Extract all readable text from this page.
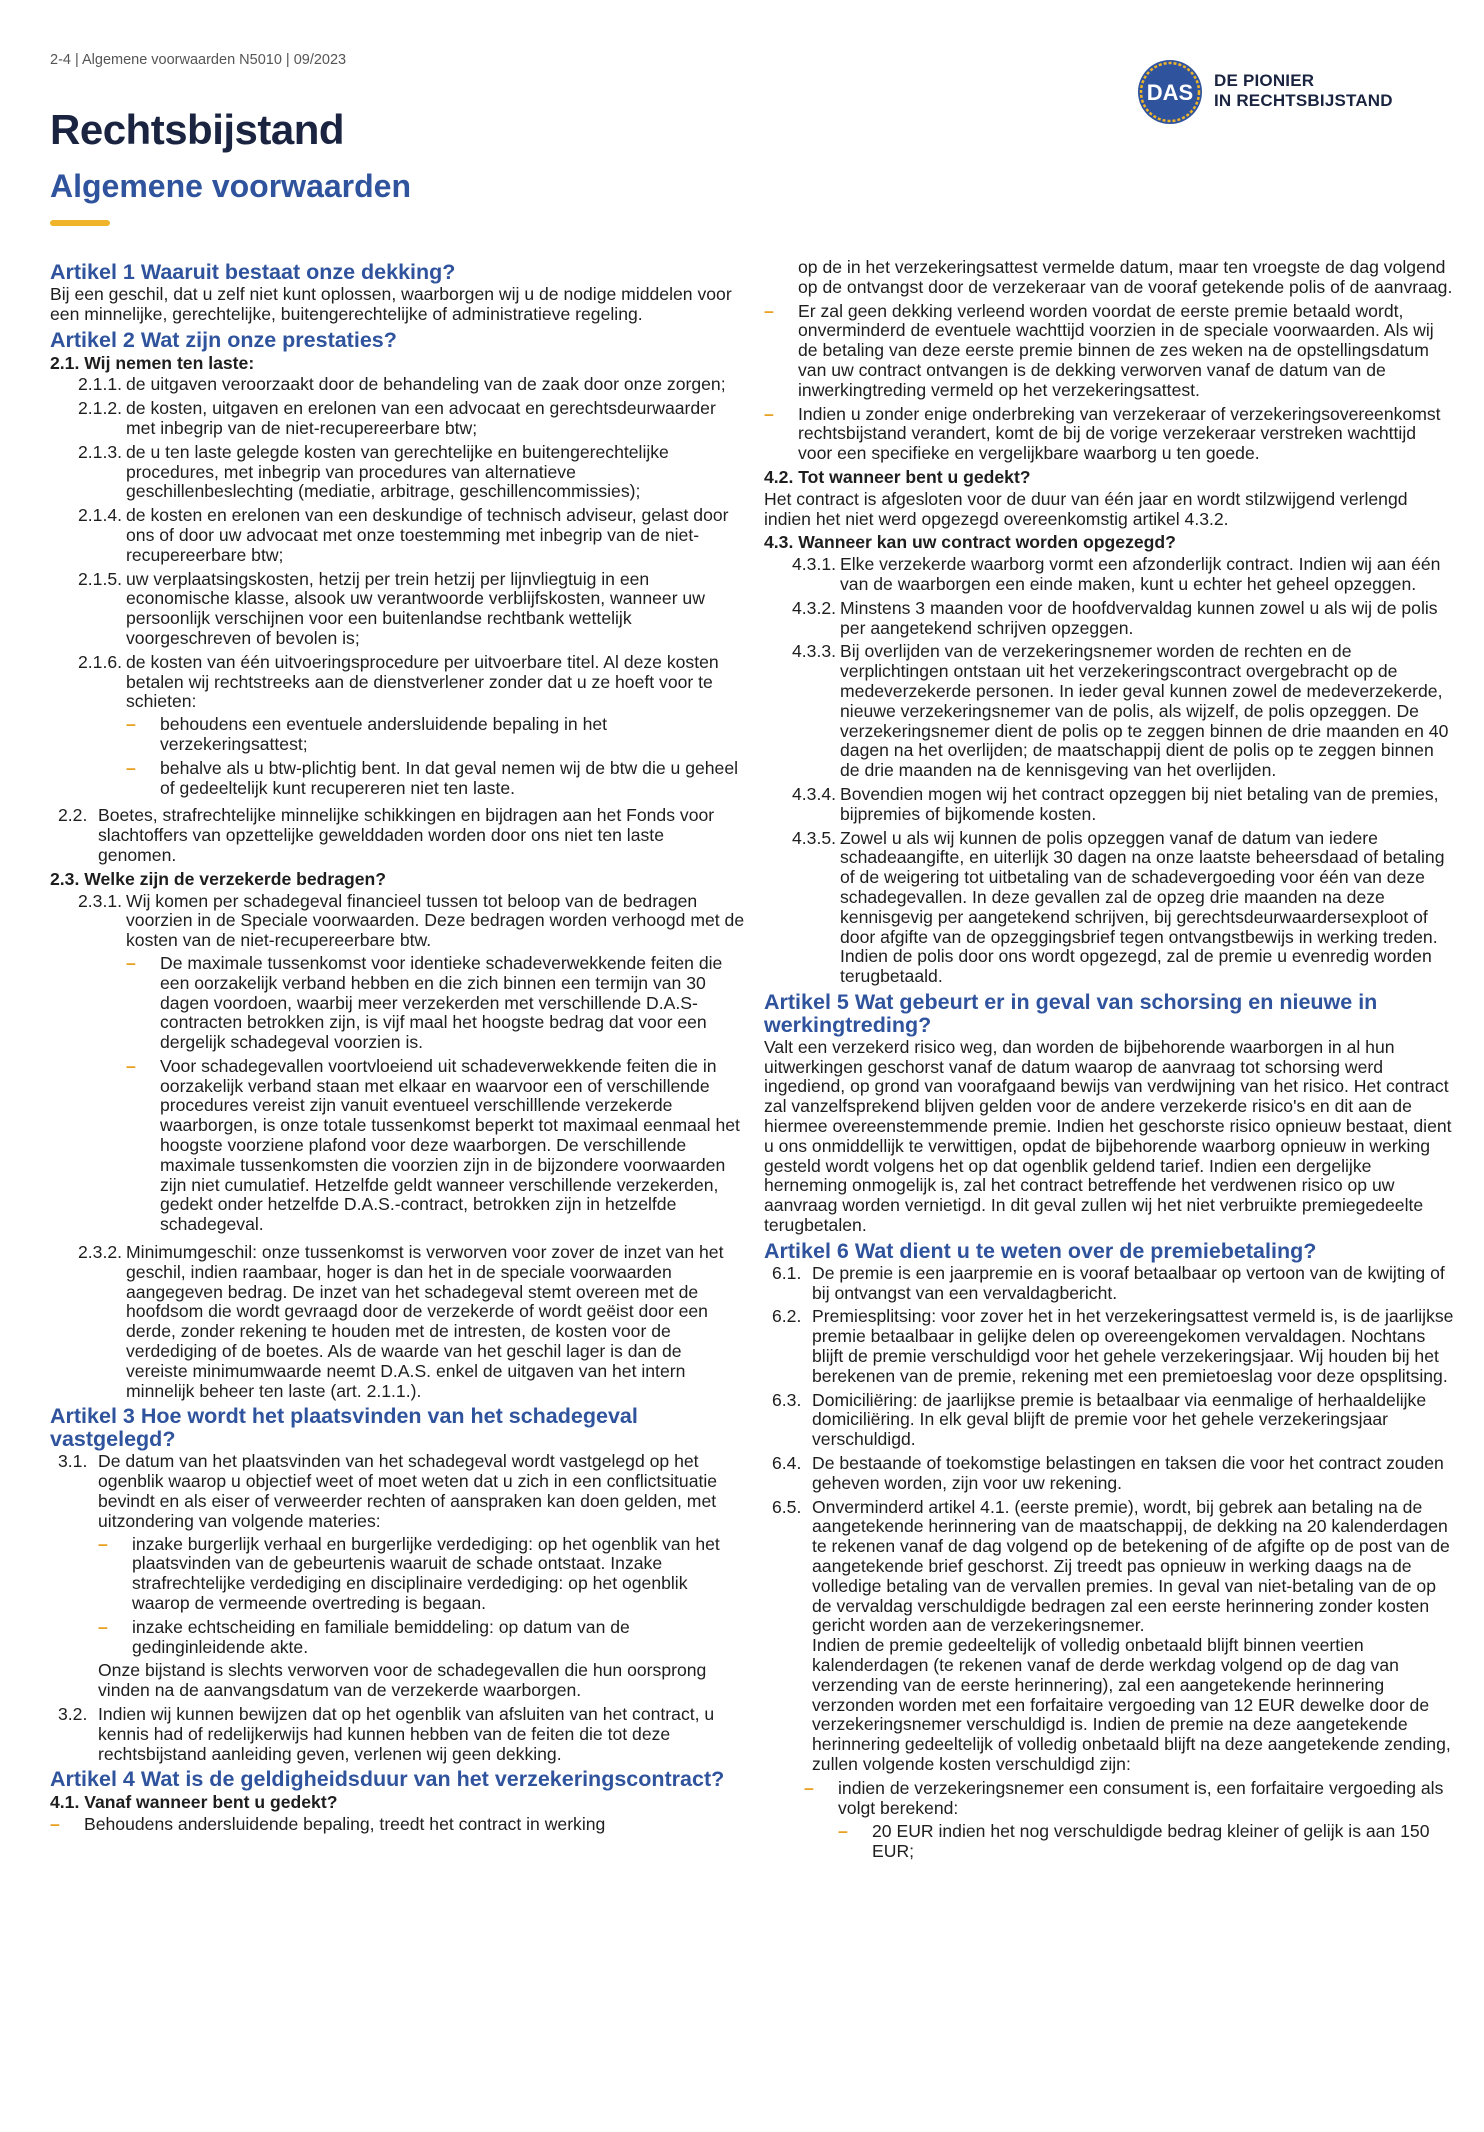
2-4 | Algemene voorwaarden N5010 | 09/2023
DAS DE PIONIER
IN RECHTSBIJSTAND
Rechtsbijstand
Algemene voorwaarden
Artikel 1 Waaruit bestaat onze dekking?
Bij een geschil, dat u zelf niet kunt oplossen, waarborgen wij u de nodige middelen voor een minnelijke, gerechtelijke, buitengerechtelijke of administratieve regeling.
Artikel 2 Wat zijn onze prestaties?
2.1. Wij nemen ten laste:
2.1.1. de uitgaven veroorzaakt door de behandeling van de zaak door onze zorgen;
2.1.2. de kosten, uitgaven en erelonen van een advocaat en gerechtsdeurwaarder met inbegrip van de niet-recupereerbare btw;
2.1.3. de u ten laste gelegde kosten van gerechtelijke en buitengerechtelijke procedures, met inbegrip van procedures van alternatieve geschillenbeslechting (mediatie, arbitrage, geschillencommissies);
2.1.4. de kosten en erelonen van een deskundige of technisch adviseur, gelast door ons of door uw advocaat met onze toestemming met inbegrip van de niet-recupereerbare btw;
2.1.5. uw verplaatsingskosten, hetzij per trein hetzij per lijnvliegtuig in een economische klasse, alsook uw verantwoorde verblijfskosten, wanneer uw persoonlijk verschijnen voor een buitenlandse rechtbank wettelijk voorgeschreven of bevolen is;
2.1.6. de kosten van één uitvoeringsprocedure per uitvoerbare titel. Al deze kosten betalen wij rechtstreeks aan de dienstverlener zonder dat u ze hoeft voor te schieten:
–	behoudens een eventuele andersluidende bepaling in het verzekeringsattest;
–	behalve als u btw-plichtig bent. In dat geval nemen wij de btw die u geheel of gedeeltelijk kunt recupereren niet ten laste.
2.2. Boetes, strafrechtelijke minnelijke schikkingen en bijdragen aan het Fonds voor slachtoffers van opzettelijke gewelddaden worden door ons niet ten laste genomen.
2.3. Welke zijn de verzekerde bedragen?
2.3.1. Wij komen per schadegeval financieel tussen tot beloop van de bedragen voorzien in de Speciale voorwaarden. Deze bedragen worden verhoogd met de kosten van de niet-recupereerbare btw.
–	De maximale tussenkomst voor identieke schadeverwekkende feiten die een oorzakelijk verband hebben en die zich binnen een termijn van 30 dagen voordoen, waarbij meer verzekerden met verschillende D.A.S-contracten betrokken zijn, is vijf maal het hoogste bedrag dat voor een dergelijk schadegeval voorzien is.
–	Voor schadegevallen voortvloeiend uit schadeverwekkende feiten die in oorzakelijk verband staan met elkaar en waarvoor een of verschillende procedures vereist zijn vanuit eventueel verschilllende verzekerde waarborgen, is onze totale tussenkomst beperkt tot maximaal eenmaal het hoogste voorziene plafond voor deze waarborgen. De verschillende maximale tussenkomsten die voorzien zijn in de bijzondere voorwaarden zijn niet cumulatief. Hetzelfde geldt wanneer verschillende verzekerden, gedekt onder hetzelfde D.A.S.-contract, betrokken zijn in hetzelfde schadegeval.
2.3.2. Minimumgeschil: onze tussenkomst is verworven voor zover de inzet van het geschil, indien raambaar, hoger is dan het in de speciale voorwaarden aangegeven bedrag. De inzet van het schadegeval stemt overeen met de hoofdsom die wordt gevraagd door de verzekerde of wordt geëist door een derde, zonder rekening te houden met de intresten, de kosten voor de verdediging of de boetes. Als de waarde van het geschil lager is dan de vereiste minimumwaarde neemt D.A.S. enkel de uitgaven van het intern minnelijk beheer ten laste (art. 2.1.1.).
Artikel 3 Hoe wordt het plaatsvinden van het schadegeval vastgelegd?
3.1. De datum van het plaatsvinden van het schadegeval wordt vastgelegd op het ogenblik waarop u objectief weet of moet weten dat u zich in een conflictsituatie bevindt en als eiser of verweerder rechten of aanspraken kan doen gelden, met uitzondering van volgende materies:
–	inzake burgerlijk verhaal en burgerlijke verdediging: op het ogenblik van het plaatsvinden van de gebeurtenis waaruit de schade ontstaat. Inzake strafrechtelijke verdediging en disciplinaire verdediging: op het ogenblik waarop de vermeende overtreding is begaan.
–	inzake echtscheiding en familiale bemiddeling: op datum van de gedinginleidende akte.
Onze bijstand is slechts verworven voor de schadegevallen die hun oorsprong vinden na de aanvangsdatum van de verzekerde waarborgen.
3.2. Indien wij kunnen bewijzen dat op het ogenblik van afsluiten van het contract, u kennis had of redelijkerwijs had kunnen hebben van de feiten die tot deze rechtsbijstand aanleiding geven, verlenen wij geen dekking.
Artikel 4 Wat is de geldigheidsduur van het verzekeringscontract?
4.1. Vanaf wanneer bent u gedekt?
–	Behoudens andersluidende bepaling, treedt het contract in werking
op de in het verzekeringsattest vermelde datum, maar ten vroegste de dag volgend op de ontvangst door de verzekeraar van de vooraf getekende polis of de aanvraag.
–	Er zal geen dekking verleend worden voordat de eerste premie betaald wordt, onverminderd de eventuele wachttijd voorzien in de speciale voorwaarden. Als wij de betaling van deze eerste premie binnen de zes weken na de opstellingsdatum van uw contract ontvangen is de dekking verworven vanaf de datum van de inwerkingtreding vermeld op het verzekeringsattest.
–	Indien u zonder enige onderbreking van verzekeraar of verzekeringsovereenkomst rechtsbijstand verandert, komt de bij de vorige verzekeraar verstreken wachttijd voor een specifieke en vergelijkbare waarborg u ten goede.
4.2. Tot wanneer bent u gedekt?
Het contract is afgesloten voor de duur van één jaar en wordt stilzwijgend verlengd indien het niet werd opgezegd overeenkomstig artikel 4.3.2.
4.3. Wanneer kan uw contract worden opgezegd?
4.3.1. Elke verzekerde waarborg vormt een afzonderlijk contract. Indien wij aan één van de waarborgen een einde maken, kunt u echter het geheel opzeggen.
4.3.2. Minstens 3 maanden voor de hoofdvervaldag kunnen zowel u als wij de polis per aangetekend schrijven opzeggen.
4.3.3. Bij overlijden van de verzekeringsnemer worden de rechten en de verplichtingen ontstaan uit het verzekeringscontract overgebracht op de medeverzekerde personen. In ieder geval kunnen zowel de medeverzekerde, nieuwe verzekeringsnemer van de polis, als wijzelf, de polis opzeggen. De verzekeringsnemer dient de polis op te zeggen binnen de drie maanden en 40 dagen na het overlijden; de maatschappij dient de polis op te zeggen binnen de drie maanden na de kennisgeving van het overlijden.
4.3.4. Bovendien mogen wij het contract opzeggen bij niet betaling van de premies, bijpremies of bijkomende kosten.
4.3.5. Zowel u als wij kunnen de polis opzeggen vanaf de datum van iedere schadeaangifte, en uiterlijk 30 dagen na onze laatste beheersdaad of betaling of de weigering tot uitbetaling van de schadevergoeding voor één van deze schadegevallen. In deze gevallen zal de opzeg drie maanden na deze kennisgevig per aangetekend schrijven, bij gerechtsdeurwaardersexploot of door afgifte van de opzeggingsbrief tegen ontvangstbewijs in werking treden. Indien de polis door ons wordt opgezegd, zal de premie u evenredig worden terugbetaald.
Artikel 5 Wat gebeurt er in geval van schorsing en nieuwe in werkingtreding?
Valt een verzekerd risico weg, dan worden de bijbehorende waarborgen in al hun uitwerkingen geschorst vanaf de datum waarop de aanvraag tot schorsing werd ingediend, op grond van voorafgaand bewijs van verdwijning van het risico. Het contract zal vanzelfsprekend blijven gelden voor de andere verzekerde risico's en dit aan de hiermee overeenstemmende premie. Indien het geschorste risico opnieuw bestaat, dient u ons onmiddellijk te verwittigen, opdat de bijbehorende waarborg opnieuw in werking gesteld wordt volgens het op dat ogenblik geldend tarief. Indien een dergelijke herneming onmogelijk is, zal het contract betreffende het verdwenen risico op uw aanvraag worden vernietigd. In dit geval zullen wij het niet verbruikte premiegedeelte terugbetalen.
Artikel 6 Wat dient u te weten over de premiebetaling?
6.1. De premie is een jaarpremie en is vooraf betaalbaar op vertoon van de kwijting of bij ontvangst van een vervaldagbericht.
6.2. Premiesplitsing: voor zover het in het verzekeringsattest vermeld is, is de jaarlijkse premie betaalbaar in gelijke delen op overeengekomen vervaldagen. Nochtans blijft de premie verschuldigd voor het gehele verzekeringsjaar. Wij houden bij het berekenen van de premie, rekening met een premietoeslag voor deze opsplitsing.
6.3. Domiciliëring: de jaarlijkse premie is betaalbaar via eenmalige of herhaaldelijke domiciliëring. In elk geval blijft de premie voor het gehele verzekeringsjaar verschuldigd.
6.4. De bestaande of toekomstige belastingen en taksen die voor het contract zouden geheven worden, zijn voor uw rekening.
6.5. Onverminderd artikel 4.1. (eerste premie), wordt, bij gebrek aan betaling na de aangetekende herinnering van de maatschappij, de dekking na 20 kalenderdagen te rekenen vanaf de dag volgend op de betekening of de afgifte op de post van de aangetekende brief geschorst. Zij treedt pas opnieuw in werking daags na de volledige betaling van de vervallen premies. In geval van niet-betaling van de op de vervaldag verschuldigde bedragen zal een eerste herinnering zonder kosten gericht worden aan de verzekeringsnemer.
Indien de premie gedeeltelijk of volledig onbetaald blijft binnen veertien kalenderdagen (te rekenen vanaf de derde werkdag volgend op de dag van verzending van de eerste herinnering), zal een aangetekende herinnering verzonden worden met een forfaitaire vergoeding van 12 EUR dewelke door de verzekeringsnemer verschuldigd is. Indien de premie na deze aangetekende herinnering gedeeltelijk of volledig onbetaald blijft na deze aangetekende zending, zullen volgende kosten verschuldigd zijn:
–	indien de verzekeringsnemer een consument is, een forfaitaire vergoeding als volgt berekend:
–	20 EUR indien het nog verschuldigde bedrag kleiner of gelijk is aan 150 EUR;
